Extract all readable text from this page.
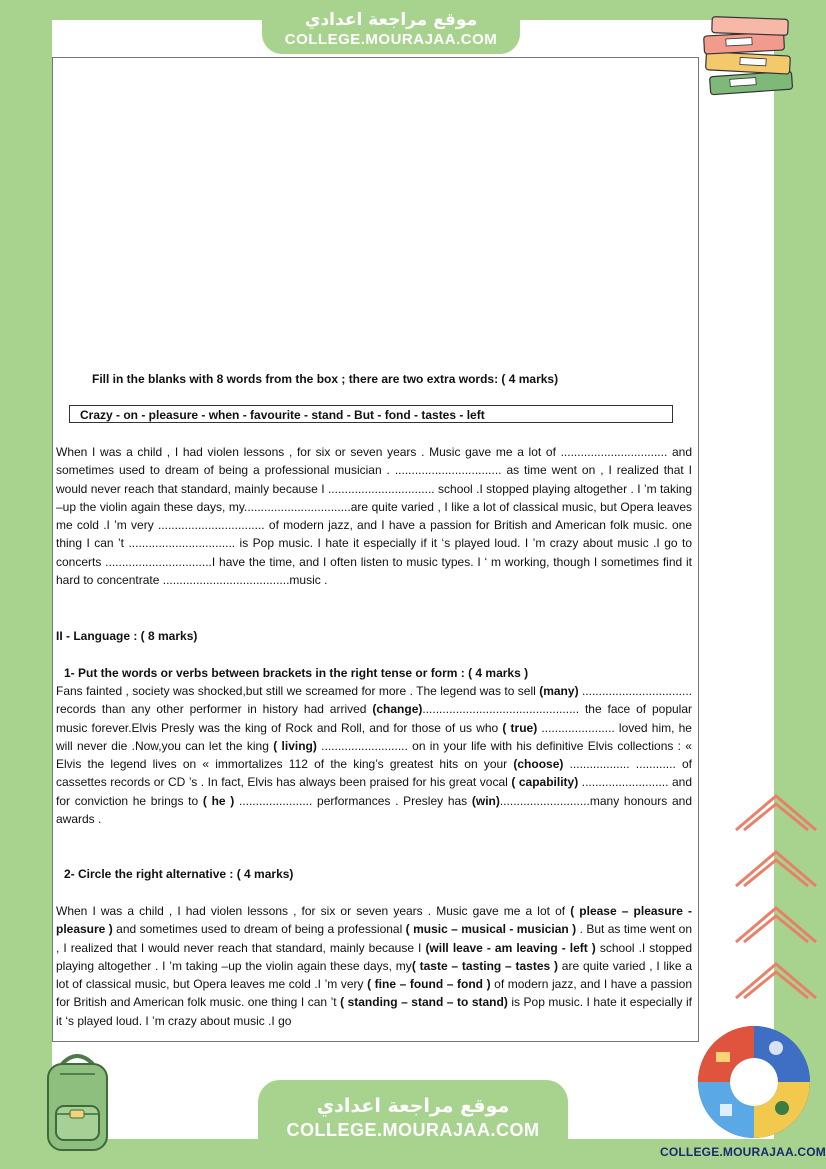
موقع مراجعة اعدادي
COLLEGE.MOURAJAA.COM
Fill in the blanks with 8 words from the box ; there are two extra words: ( 4 marks)
Crazy - on - pleasure - when - favourite - stand - But - fond - tastes - left
When I was a child , I had violen lessons , for six or seven years . Music gave me a lot of ................................ and sometimes used to dream of being a professional musician . ................................ as time went on , I realized that I would never reach that standard, mainly because I ................................ school .I stopped playing altogether . I ’m taking –up the violin again these days, my................................are quite varied , I like a lot of classical music, but Opera leaves me cold .I ’m very ................................ of modern jazz, and I have a passion for British and American folk music. one thing I can ’t ................................ is Pop music. I hate it especially if it ‘s played loud. I ’m crazy about music .I go to concerts ................................I have the time, and I often listen to music types. I ‘ m working, though I sometimes find it hard to concentrate ......................................music .
II - Language : ( 8 marks)
1- Put the words or verbs between brackets in the right tense or form : ( 4 marks )
Fans fainted , society was shocked,but still we screamed for more . The legend was to sell (many) ................................. records than any other performer in history had arrived (change)............................................... the face of popular music forever.Elvis Presly was the king of Rock and Roll, and for those of us who ( true) ...................... loved him, he will never die .Now,you can let the king ( living) .......................... on in your life with his definitive Elvis collections : « Elvis the legend lives on « immortalizes 112 of the king’s greatest hits on your (choose) .................. ............ of cassettes records or CD ’s . In fact, Elvis has always been praised for his great vocal ( capability) .......................... and for conviction he brings to ( he ) ...................... performances . Presley has (win)...........................many honours and awards .
2- Circle the right alternative : ( 4 marks)
When I was a child , I had violen lessons , for six or seven years . Music gave me a lot of ( please – pleasure - pleasure ) and sometimes used to dream of being a professional ( music – musical - musician ) . But as time went on , I realized that I would never reach that standard, mainly because I (will leave - am leaving - left ) school .I stopped playing altogether . I ’m taking –up the violin again these days, my( taste – tasting – tastes ) are quite varied , I like a lot of classical music, but Opera leaves me cold .I ’m very ( fine – found – fond ) of modern jazz, and I have a passion for British and American folk music. one thing I can ’t ( standing – stand – to stand) is Pop music. I hate it especially if it ‘s played loud. I ’m crazy about music .I go
موقع مراجعة اعدادي
COLLEGE.MOURAJAA.COM
COLLEGE.MOURAJAA.COM
